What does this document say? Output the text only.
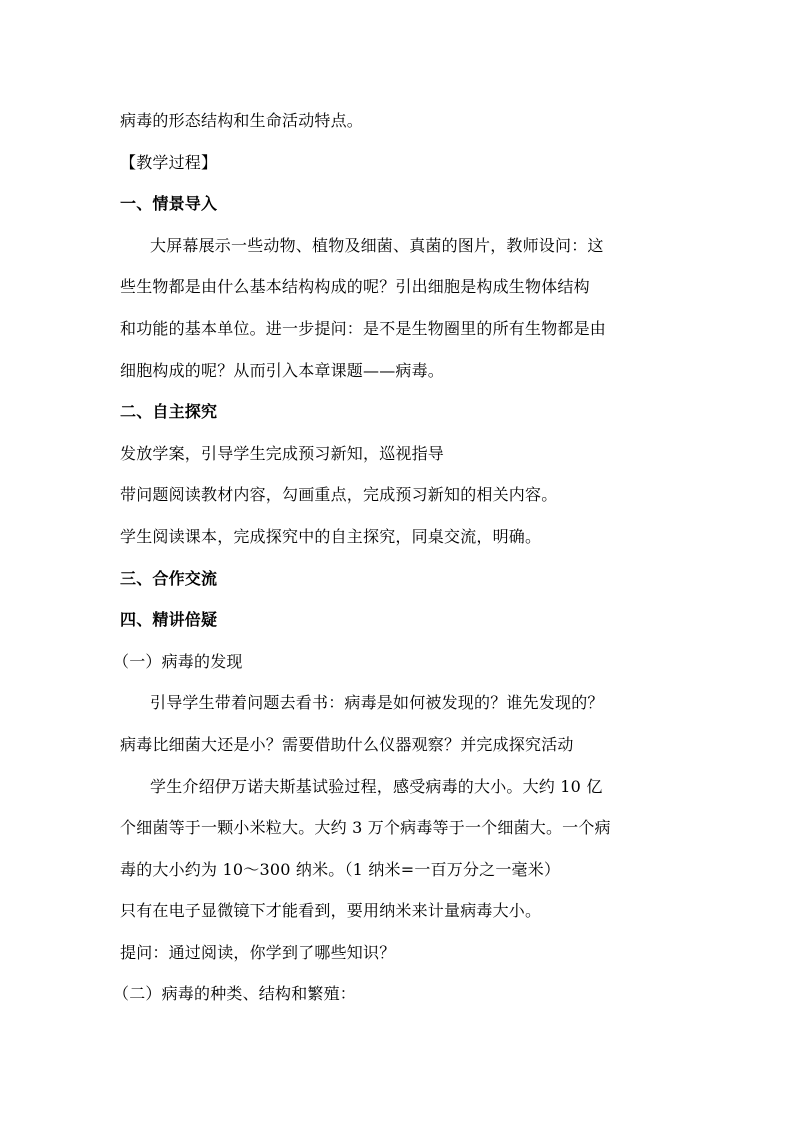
病毒的形态结构和生命活动特点。
【教学过程】
一、情景导入
大屏幕展示一些动物、植物及细菌、真菌的图片，教师设问：这
些生物都是由什么基本结构构成的呢？引出细胞是构成生物体结构
和功能的基本单位。进一步提问：是不是生物圈里的所有生物都是由
细胞构成的呢？从而引入本章课题——病毒。
二、自主探究
发放学案，引导学生完成预习新知，巡视指导
带问题阅读教材内容，勾画重点，完成预习新知的相关内容。
学生阅读课本，完成探究中的自主探究，同桌交流，明确。
三、合作交流
四、精讲倍疑
（一）病毒的发现
引导学生带着问题去看书：病毒是如何被发现的？谁先发现的？
病毒比细菌大还是小？需要借助什么仪器观察？并完成探究活动
学生介绍伊万诺夫斯基试验过程，感受病毒的大小。大约 10 亿
个细菌等于一颗小米粒大。大约 3 万个病毒等于一个细菌大。一个病
毒的大小约为 10～300 纳米。（1 纳米=一百万分之一毫米）
只有在电子显微镜下才能看到，要用纳米来计量病毒大小。
提问：通过阅读，你学到了哪些知识？
（二）病毒的种类、结构和繁殖：
